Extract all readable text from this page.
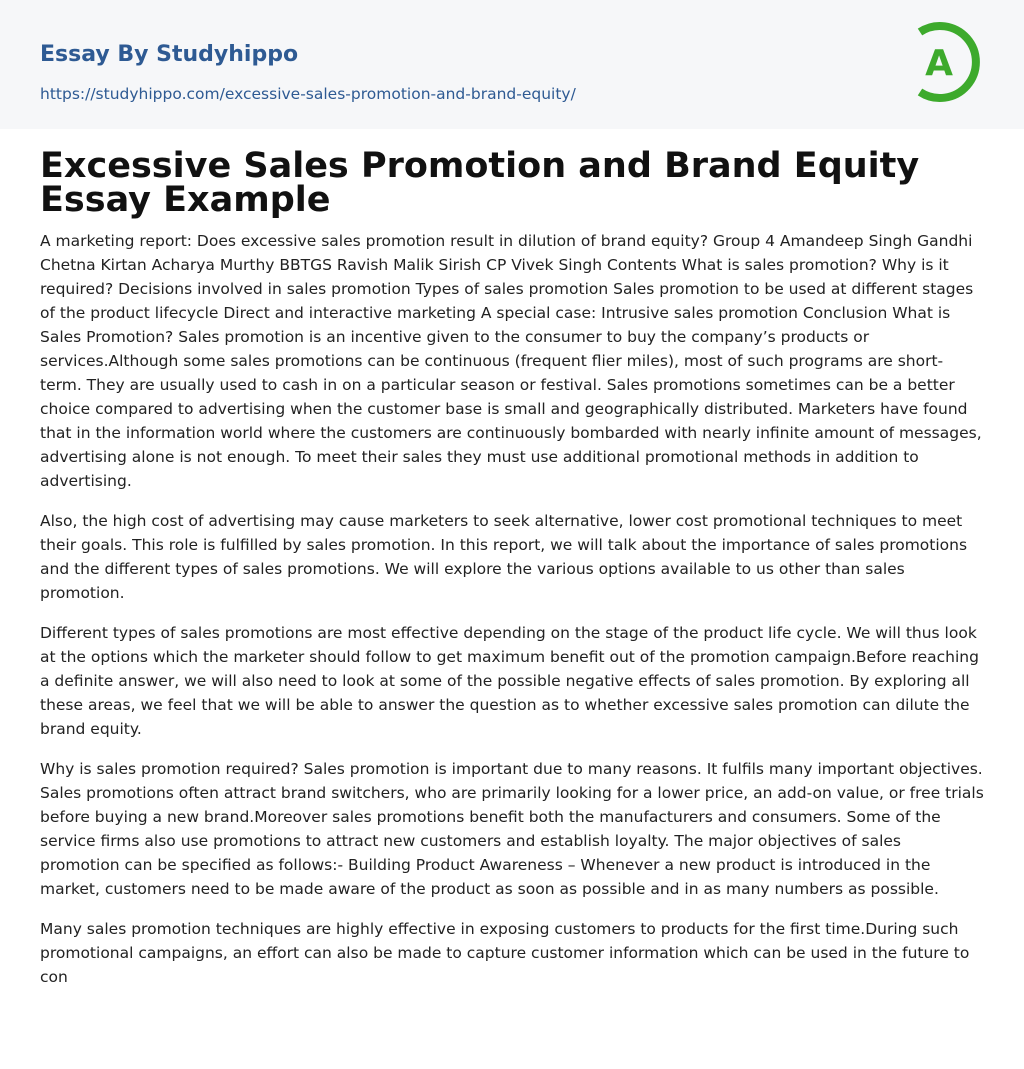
Essay By Studyhippo
https://studyhippo.com/excessive-sales-promotion-and-brand-equity/
A
Excessive Sales Promotion and Brand Equity Essay Example

A marketing report: Does excessive sales promotion result in dilution of brand equity? Group 4 Amandeep Singh Gandhi Chetna Kirtan Acharya Murthy BBTGS Ravish Malik Sirish CP Vivek Singh Contents What is sales promotion? Why is it required? Decisions involved in sales promotion Types of sales promotion Sales promotion to be used at different stages of the product lifecycle Direct and interactive marketing A special case: Intrusive sales promotion Conclusion What is Sales Promotion? Sales promotion is an incentive given to the consumer to buy the company’s products or services.Although some sales promotions can be continuous (frequent flier miles), most of such programs are short-term. They are usually used to cash in on a particular season or festival. Sales promotions sometimes can be a better choice compared to advertising when the customer base is small and geographically distributed. Marketers have found that in the information world where the customers are continuously bombarded with nearly infinite amount of messages, advertising alone is not enough. To meet their sales they must use additional promotional methods in addition to advertising.

Also, the high cost of advertising may cause marketers to seek alternative, lower cost promotional techniques to meet their goals. This role is fulfilled by sales promotion. In this report, we will talk about the importance of sales promotions and the different types of sales promotions. We will explore the various options available to us other than sales promotion.

Different types of sales promotions are most effective depending on the stage of the product life cycle. We will thus look at the options which the marketer should follow to get maximum benefit out of the promotion campaign.Before reaching a definite answer, we will also need to look at some of the possible negative effects of sales promotion. By exploring all these areas, we feel that we will be able to answer the question as to whether excessive sales promotion can dilute the brand equity.

Why is sales promotion required? Sales promotion is important due to many reasons. It fulfils many important objectives. Sales promotions often attract brand switchers, who are primarily looking for a lower price, an add-on value, or free trials before buying a new brand.Moreover sales promotions benefit both the manufacturers and consumers. Some of the service firms also use promotions to attract new customers and establish loyalty. The major objectives of sales promotion can be specified as follows:- Building Product Awareness – Whenever a new product is introduced in the market, customers need to be made aware of the product as soon as possible and in as many numbers as possible.

Many sales promotion techniques are highly effective in exposing customers to products for the first time.During such promotional campaigns, an effort can also be made to capture customer information which can be used in the future to con
